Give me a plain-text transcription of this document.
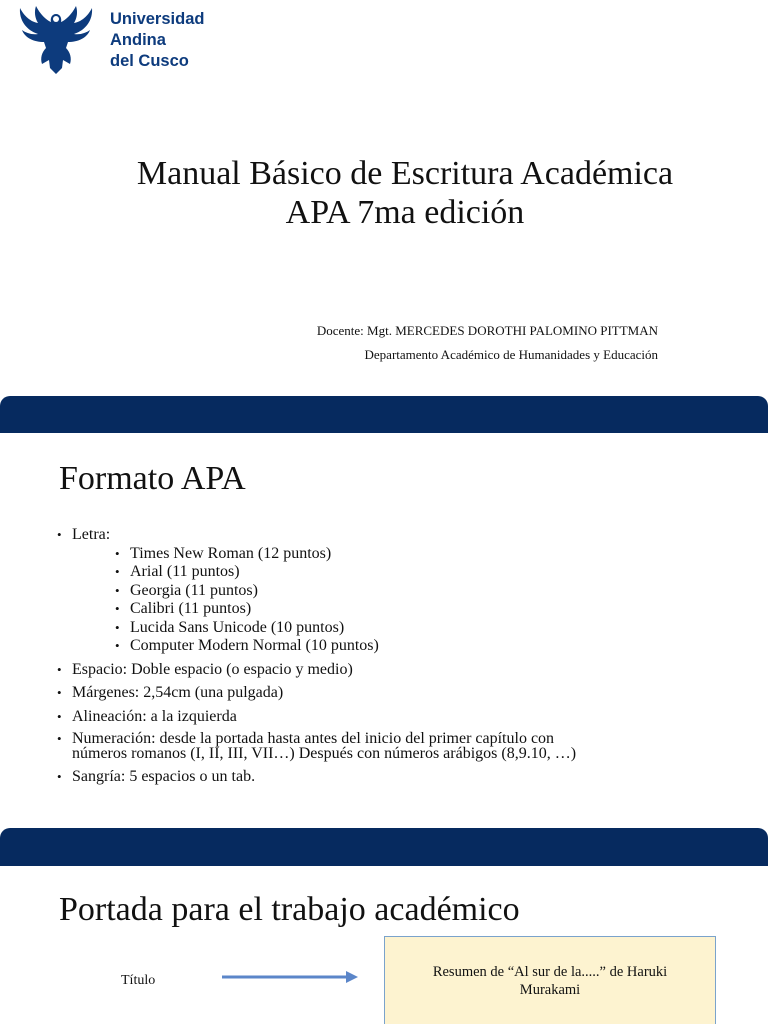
Universidad
Andina
del Cusco
Manual Básico de Escritura Académica
APA 7ma edición
Docente: Mgt. MERCEDES DOROTHI PALOMINO PITTMAN
Departamento Académico de Humanidades y Educación
Formato APA
• Letra:
• Times New Roman (12 puntos)
• Arial (11 puntos)
• Georgia (11 puntos)
• Calibri (11 puntos)
• Lucida Sans Unicode (10 puntos)
• Computer Modern Normal (10 puntos)
• Espacio: Doble espacio (o espacio y medio)
• Márgenes: 2,54cm (una pulgada)
• Alineación: a la izquierda
• Numeración: desde la portada hasta antes del inicio del primer capítulo con
números romanos (I, II, III, VII…) Después con números arábigos (8,9.10, …)
• Sangría: 5 espacios o un tab.
Portada para el trabajo académico
Título
Resumen de “Al sur de la.....” de Haruki
Murakami
